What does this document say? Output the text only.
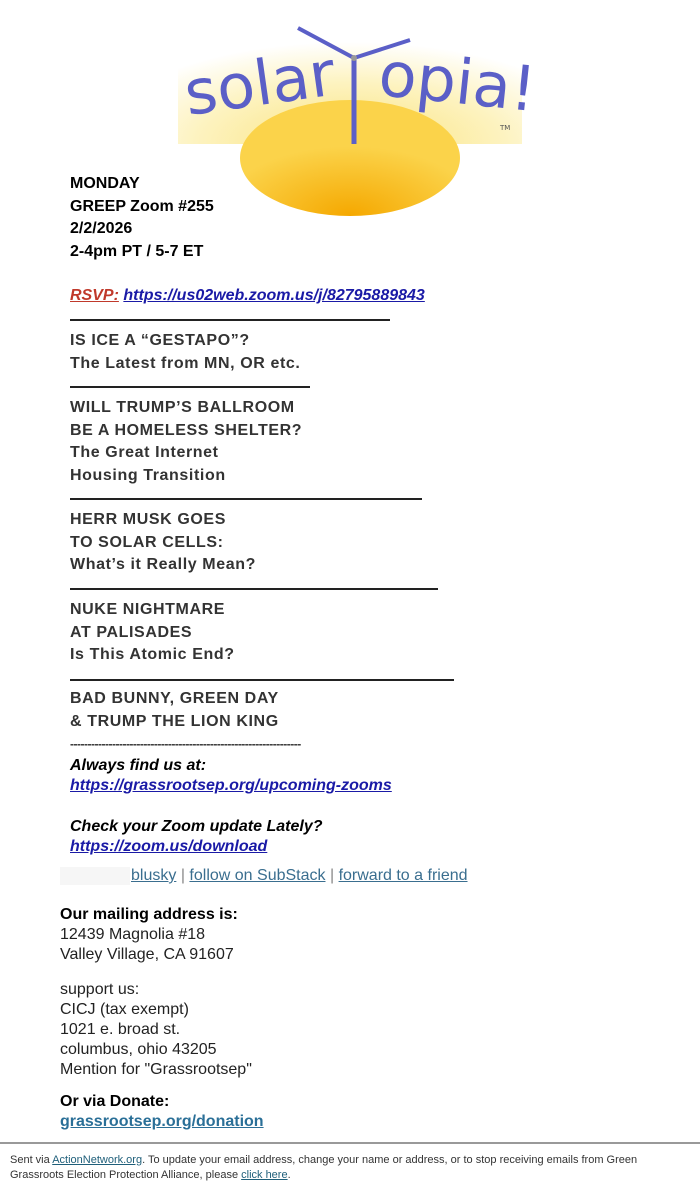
solar opia!
TM
MONDAY
GREEP Zoom #255
2/2/2026
2-4pm PT / 5-7 ET
RSVP: https://us02web.zoom.us/j/82795889843
IS ICE A “GESTAPO”?
The Latest from MN, OR etc.
WILL TRUMP’S BALLROOM
BE A HOMELESS SHELTER?
The Great Internet
Housing Transition
HERR MUSK GOES
TO SOLAR CELLS:
What’s it Really Mean?
NUKE NIGHTMARE
AT PALISADES
Is This Atomic End?
BAD BUNNY, GREEN DAY
& TRUMP THE LION KING
------------------------------------------------------------------
Always find us at:
https://grassrootsep.org/upcoming-zooms
Check your Zoom update Lately?
https://zoom.us/download
blusky | follow on SubStack | forward to a friend
Our mailing address is:
12439 Magnolia #18
Valley Village, CA 91607
support us:
CICJ (tax exempt)
1021 e. broad st.
columbus, ohio 43205
Mention for "Grassrootsep"
Or via Donate:
grassrootsep.org/donation
Sent via ActionNetwork.org. To update your email address, change your name or address, or to stop receiving emails from Green Grassroots Election Protection Alliance, please click here.
